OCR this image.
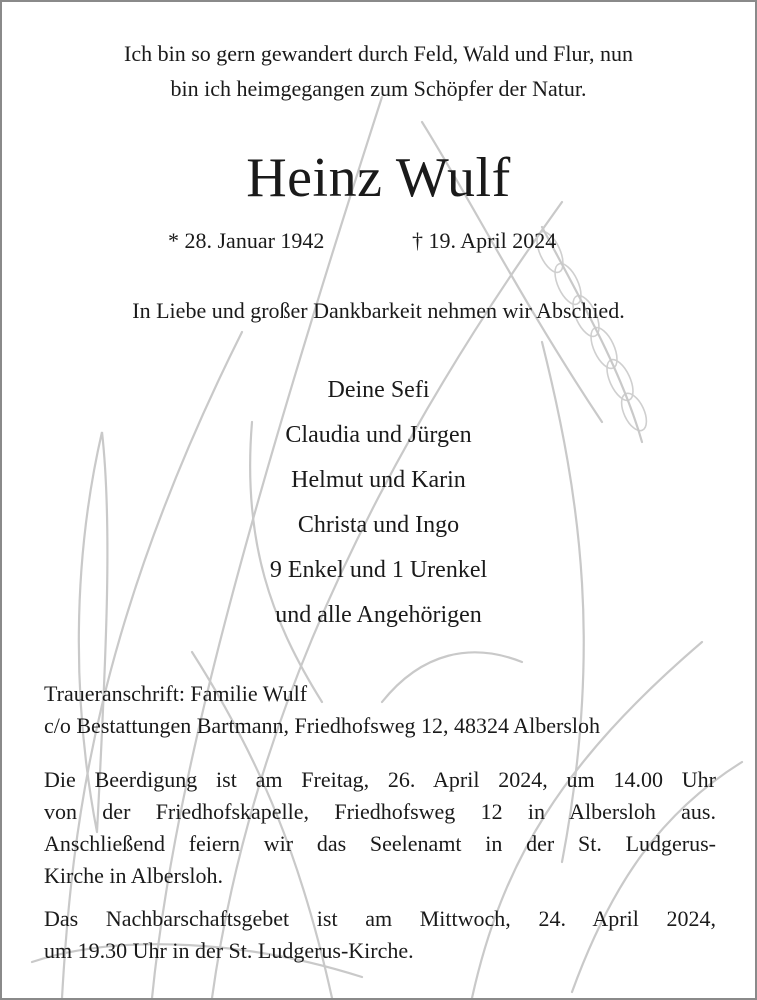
Ich bin so gern gewandert durch Feld, Wald und Flur, nun
bin ich heimgegangen zum Schöpfer der Natur.
Heinz Wulf
* 28. Januar 1942	† 19. April 2024
In Liebe und großer Dankbarkeit nehmen wir Abschied.
Deine Sefi
Claudia und Jürgen
Helmut und Karin
Christa und Ingo
9 Enkel und 1 Urenkel
und alle Angehörigen
Traueranschrift: Familie Wulf
c/o Bestattungen Bartmann, Friedhofsweg 12, 48324 Albersloh
Die Beerdigung ist am Freitag, 26. April 2024, um 14.00 Uhr
von der Friedhofskapelle, Friedhofsweg 12 in Albersloh aus.
Anschließend feiern wir das Seelenamt in der St. Ludgerus-
Kirche in Albersloh.
Das Nachbarschaftsgebet ist am Mittwoch, 24. April 2024,
um 19.30 Uhr in der St. Ludgerus-Kirche.
